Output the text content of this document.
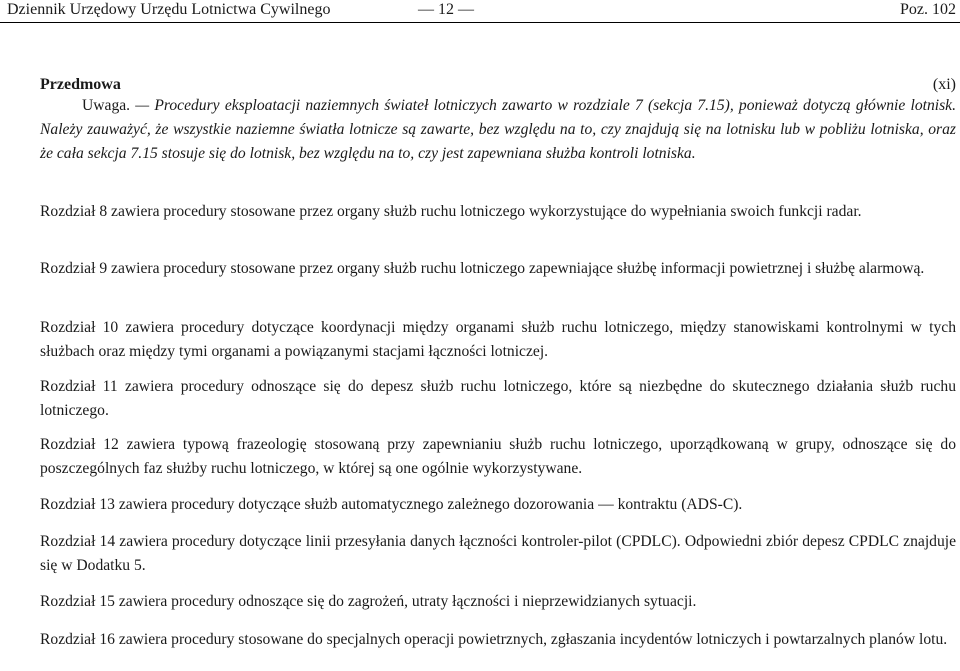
Dziennik Urzędowy Urzędu Lotnictwa Cywilnego	— 12 —	Poz. 102
Przedmowa	(xi)
Uwaga. — Procedury eksploatacji naziemnych świateł lotniczych zawarto w rozdziale 7 (sekcja 7.15), ponieważ dotyczą głównie lotnisk. Należy zauważyć, że wszystkie naziemne światła lotnicze są zawarte, bez względu na to, czy znajdują się na lotnisku lub w pobliżu lotniska, oraz że cała sekcja 7.15 stosuje się do lotnisk, bez względu na to, czy jest zapewniana służba kontroli lotniska.
Rozdział 8 zawiera procedury stosowane przez organy służb ruchu lotniczego wykorzystujące do wypełniania swoich funkcji radar.
Rozdział 9 zawiera procedury stosowane przez organy służb ruchu lotniczego zapewniające służbę informacji powietrznej i służbę alarmową.
Rozdział 10 zawiera procedury dotyczące koordynacji między organami służb ruchu lotniczego, między stanowiskami kontrolnymi w tych służbach oraz między tymi organami a powiązanymi stacjami łączności lotniczej.
Rozdział 11 zawiera procedury odnoszące się do depesz służb ruchu lotniczego, które są niezbędne do skutecznego działania służb ruchu lotniczego.
Rozdział 12 zawiera typową frazeologię stosowaną przy zapewnianiu służb ruchu lotniczego, uporządkowaną w grupy, odnoszące się do poszczególnych faz służby ruchu lotniczego, w której są one ogólnie wykorzystywane.
Rozdział 13 zawiera procedury dotyczące służb automatycznego zależnego dozorowania — kontraktu (ADS-C).
Rozdział 14 zawiera procedury dotyczące linii przesyłania danych łączności kontroler-pilot (CPDLC). Odpowiedni zbiór depesz CPDLC znajduje się w Dodatku 5.
Rozdział 15 zawiera procedury odnoszące się do zagrożeń, utraty łączności i nieprzewidzianych sytuacji.
Rozdział 16 zawiera procedury stosowane do specjalnych operacji powietrznych, zgłaszania incydentów lotniczych i powtarzalnych planów lotu.
